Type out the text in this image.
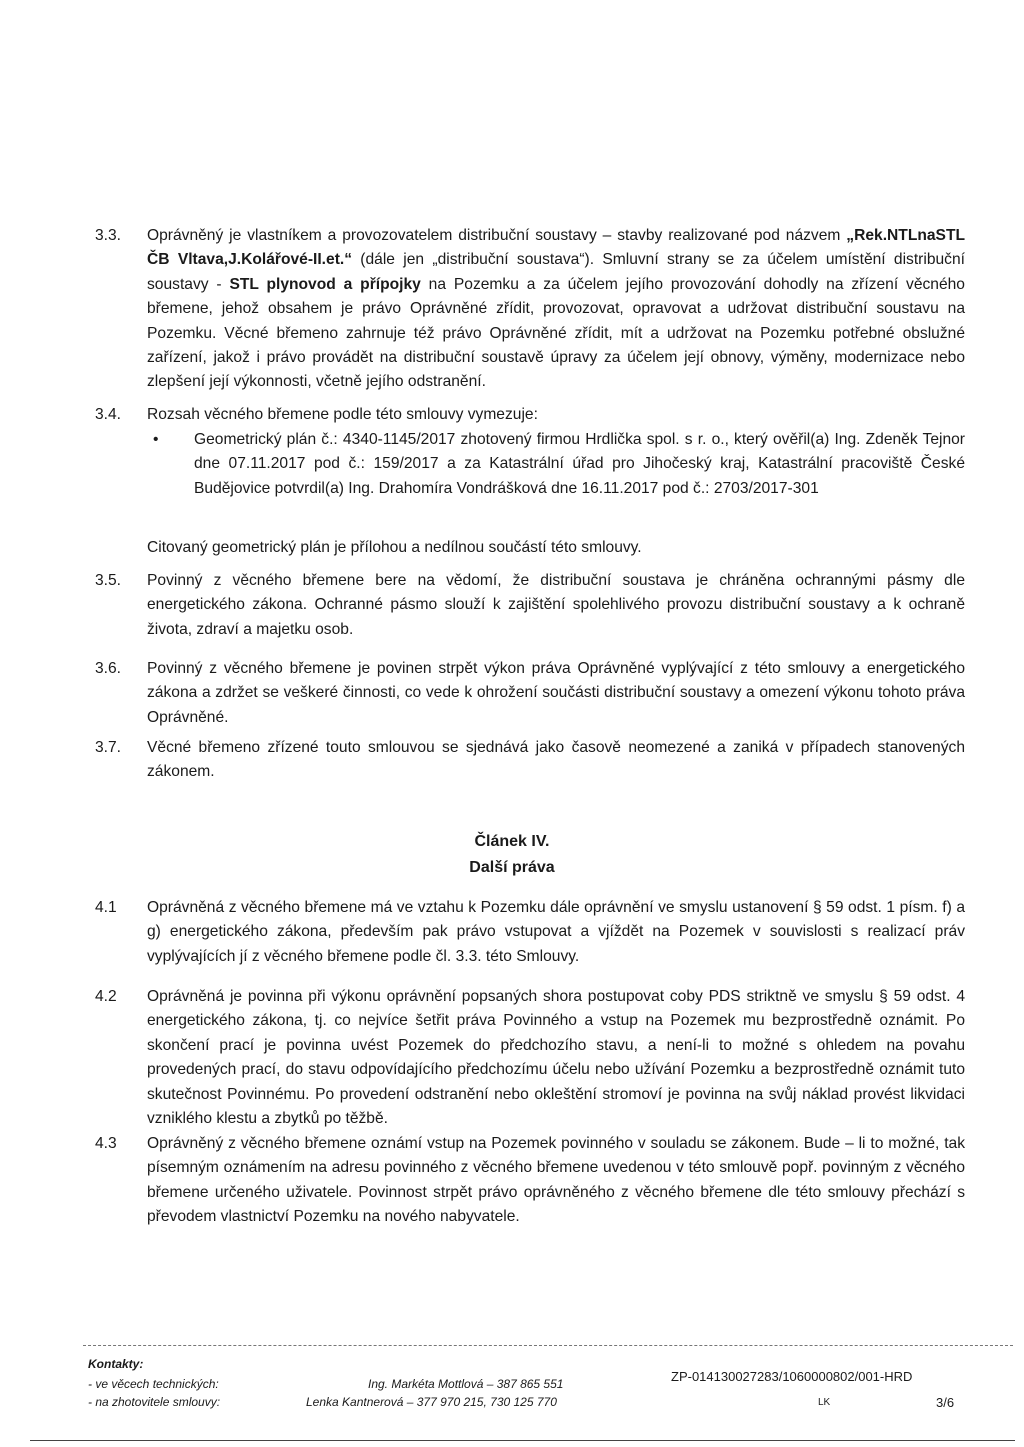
3.3. Oprávněný je vlastníkem a provozovatelem distribuční soustavy – stavby realizované pod názvem „Rek.NTLnaSTL ČB Vltava,J.Kolářové-II.et.“ (dále jen „distribuční soustava“). Smluvní strany se za účelem umístění distribuční soustavy - STL plynovod a přípojky na Pozemku a za účelem jejího provozování dohodly na zřízení věcného břemene, jehož obsahem je právo Oprávněné zřídit, provozovat, opravovat a udržovat distribuční soustavu na Pozemku. Věcné břemeno zahrnuje též právo Oprávněné zřídit, mít a udržovat na Pozemku potřebné obslužné zařízení, jakož i právo provádět na distribuční soustavě úpravy za účelem její obnovy, výměny, modernizace nebo zlepšení její výkonnosti, včetně jejího odstranění.
3.4. Rozsah věcného břemene podle této smlouvy vymezuje:
• Geometrický plán č.: 4340-1145/2017 zhotovený firmou Hrdlička spol. s r. o., který ověřil(a) Ing. Zdeněk Tejnor dne 07.11.2017 pod č.: 159/2017 a za Katastrální úřad pro Jihočeský kraj, Katastrální pracoviště České Budějovice potvrdil(a) Ing. Drahomíra Vondrášková dne 16.11.2017 pod č.: 2703/2017-301
Citovaný geometrický plán je přílohou a nedílnou součástí této smlouvy.
3.5. Povinný z věcného břemene bere na vědomí, že distribuční soustava je chráněna ochrannými pásmy dle energetického zákona. Ochranné pásmo slouží k zajištění spolehlivého provozu distribuční soustavy a k ochraně života, zdraví a majetku osob.
3.6. Povinný z věcného břemene je povinen strpět výkon práva Oprávněné vyplývající z této smlouvy a energetického zákona a zdržet se veškeré činnosti, co vede k ohrožení součásti distribuční soustavy a omezení výkonu tohoto práva Oprávněné.
3.7. Věcné břemeno zřízené touto smlouvou se sjednává jako časově neomezené a zaniká v případech stanovených zákonem.
Článek IV.
Další práva
4.1 Oprávněná z věcného břemene má ve vztahu k Pozemku dále oprávnění ve smyslu ustanovení § 59 odst. 1 písm. f) a g) energetického zákona, především pak právo vstupovat a vjíždět na Pozemek v souvislosti s realizací práv vyplývajících jí z věcného břemene podle čl. 3.3. této Smlouvy.
4.2 Oprávněná je povinna při výkonu oprávnění popsaných shora postupovat coby PDS striktně ve smyslu § 59 odst. 4 energetického zákona, tj. co nejvíce šetřit práva Povinného a vstup na Pozemek mu bezprostředně oznámit. Po skončení prací je povinna uvést Pozemek do předchozího stavu, a není-li to možné s ohledem na povahu provedených prací, do stavu odpovídajícího předchozímu účelu nebo užívání Pozemku a bezprostředně oznámit tuto skutečnost Povinnému. Po provedení odstranění nebo okleštění stromoví je povinna na svůj náklad provést likvidaci vzniklého klestu a zbytků po těžbě.
4.3 Oprávněný z věcného břemene oznámí vstup na Pozemek povinného v souladu se zákonem. Bude – li to možné, tak písemným oznámením na adresu povinného z věcného břemene uvedenou v této smlouvě popř. povinným z věcného břemene určeného uživatele. Povinnost strpět právo oprávněného z věcného břemene dle této smlouvy přechází s převodem vlastnictví Pozemku na nového nabyvatele.
Kontakty:
- ve věcech technických:	Ing. Markéta Mottlová – 387 865 551
- na zhotovitele smlouvy:	Lenka Kantnerová – 377 970 215, 730 125 770
ZP-014130027283/1060000802/001-HRD
LK	3/6
